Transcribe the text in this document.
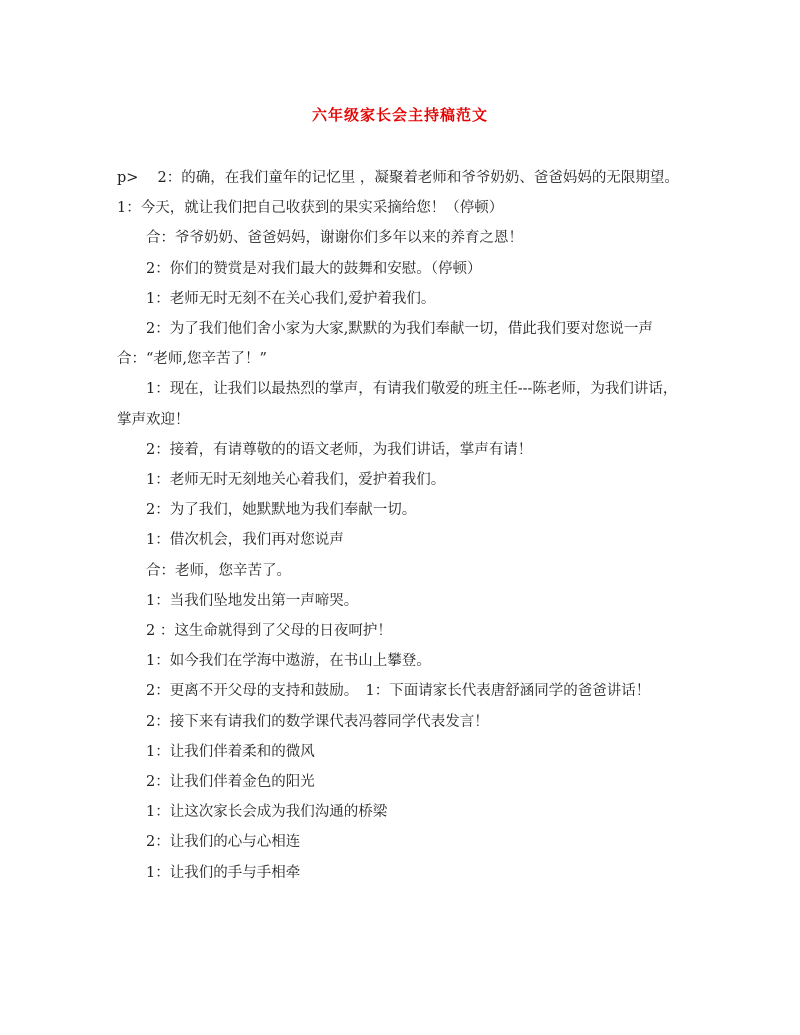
六年级家长会主持稿范文

p>　 2：的确，在我们童年的记忆里 ，凝聚着老师和爷爷奶奶、爸爸妈妈的无限期望。　1：今天，就让我们把自己收获到的果实采摘给您！（停顿）

合：爷爷奶奶、爸爸妈妈，谢谢你们多年以来的养育之恩！

2：你们的赞赏是对我们最大的鼓舞和安慰。（停顿）

1：老师无时无刻不在关心我们,爱护着我们。

2：为了我们他们舍小家为大家,默默的为我们奉献一切，借此我们要对您说一声　合：“老师,您辛苦了！”

1：现在，让我们以最热烈的掌声，有请我们敬爱的班主任---陈老师，为我们讲话，掌声欢迎！

2：接着，有请尊敬的的语文老师，为我们讲话，掌声有请！

1：老师无时无刻地关心着我们，爱护着我们。

2：为了我们，她默默地为我们奉献一切。

1：借次机会，我们再对您说声

合：老师，您辛苦了。

1：当我们坠地发出第一声啼哭。

2 ：这生命就得到了父母的日夜呵护！

1：如今我们在学海中遨游，在书山上攀登。

2：更离不开父母的支持和鼓励。　1：下面请家长代表唐舒涵同学的爸爸讲话！

2：接下来有请我们的数学课代表冯蓉同学代表发言！

1：让我们伴着柔和的微风

2：让我们伴着金色的阳光

1：让这次家长会成为我们沟通的桥梁

2：让我们的心与心相连

1：让我们的手与手相牵
